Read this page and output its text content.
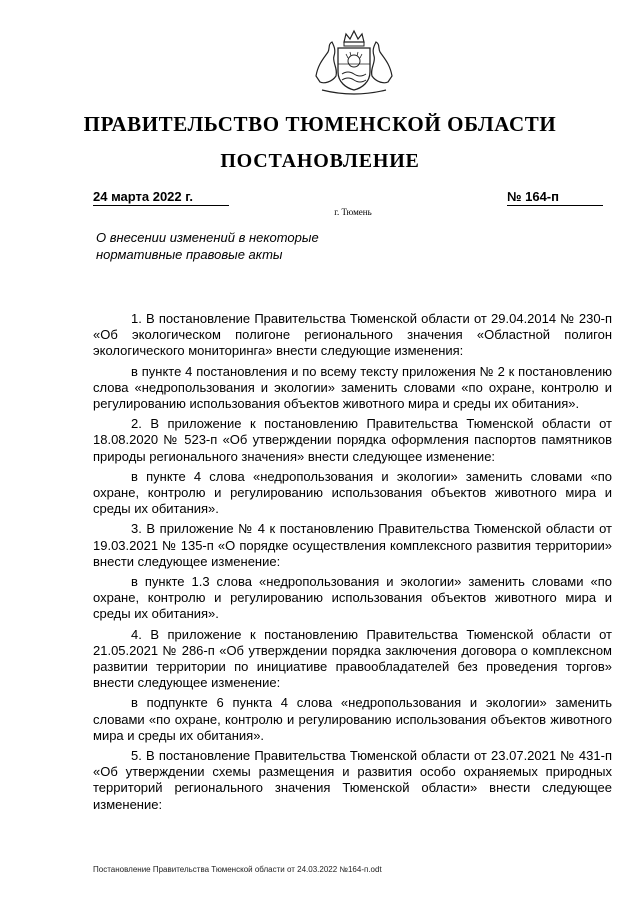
ПРАВИТЕЛЬСТВО ТЮМЕНСКОЙ ОБЛАСТИ
ПОСТАНОВЛЕНИЕ
24 марта 2022 г.	№ 164-п
г. Тюмень
О внесении изменений в некоторые
нормативные правовые акты

1. В постановление Правительства Тюменской области от 29.04.2014 № 230-п «Об экологическом полигоне регионального значения «Областной полигон экологического мониторинга» внести следующие изменения:

в пункте 4 постановления и по всему тексту приложения № 2 к постановлению слова «недропользования и экологии» заменить словами «по охране, контролю и регулированию использования объектов животного мира и среды их обитания».

2. В приложение к постановлению Правительства Тюменской области от 18.08.2020 № 523-п «Об утверждении порядка оформления паспортов памятников природы регионального значения» внести следующее изменение:

в пункте 4 слова «недропользования и экологии» заменить словами «по охране, контролю и регулированию использования объектов животного мира и среды их обитания».

3. В приложение № 4 к постановлению Правительства Тюменской области от 19.03.2021 № 135-п «О порядке осуществления комплексного развития территории» внести следующее изменение:

в пункте 1.3 слова «недропользования и экологии» заменить словами «по охране, контролю и регулированию использования объектов животного мира и среды их обитания».

4. В приложение к постановлению Правительства Тюменской области от 21.05.2021 № 286-п «Об утверждении порядка заключения договора о комплексном развитии территории по инициативе правообладателей без проведения торгов» внести следующее изменение:

в подпункте 6 пункта 4 слова «недропользования и экологии» заменить словами «по охране, контролю и регулированию использования объектов животного мира и среды их обитания».

5. В постановление Правительства Тюменской области от 23.07.2021 № 431-п «Об утверждении схемы размещения и развития особо охраняемых природных территорий регионального значения Тюменской области» внести следующее изменение:

Постановление Правительства Тюменской области от 24.03.2022 №164-п.odt
